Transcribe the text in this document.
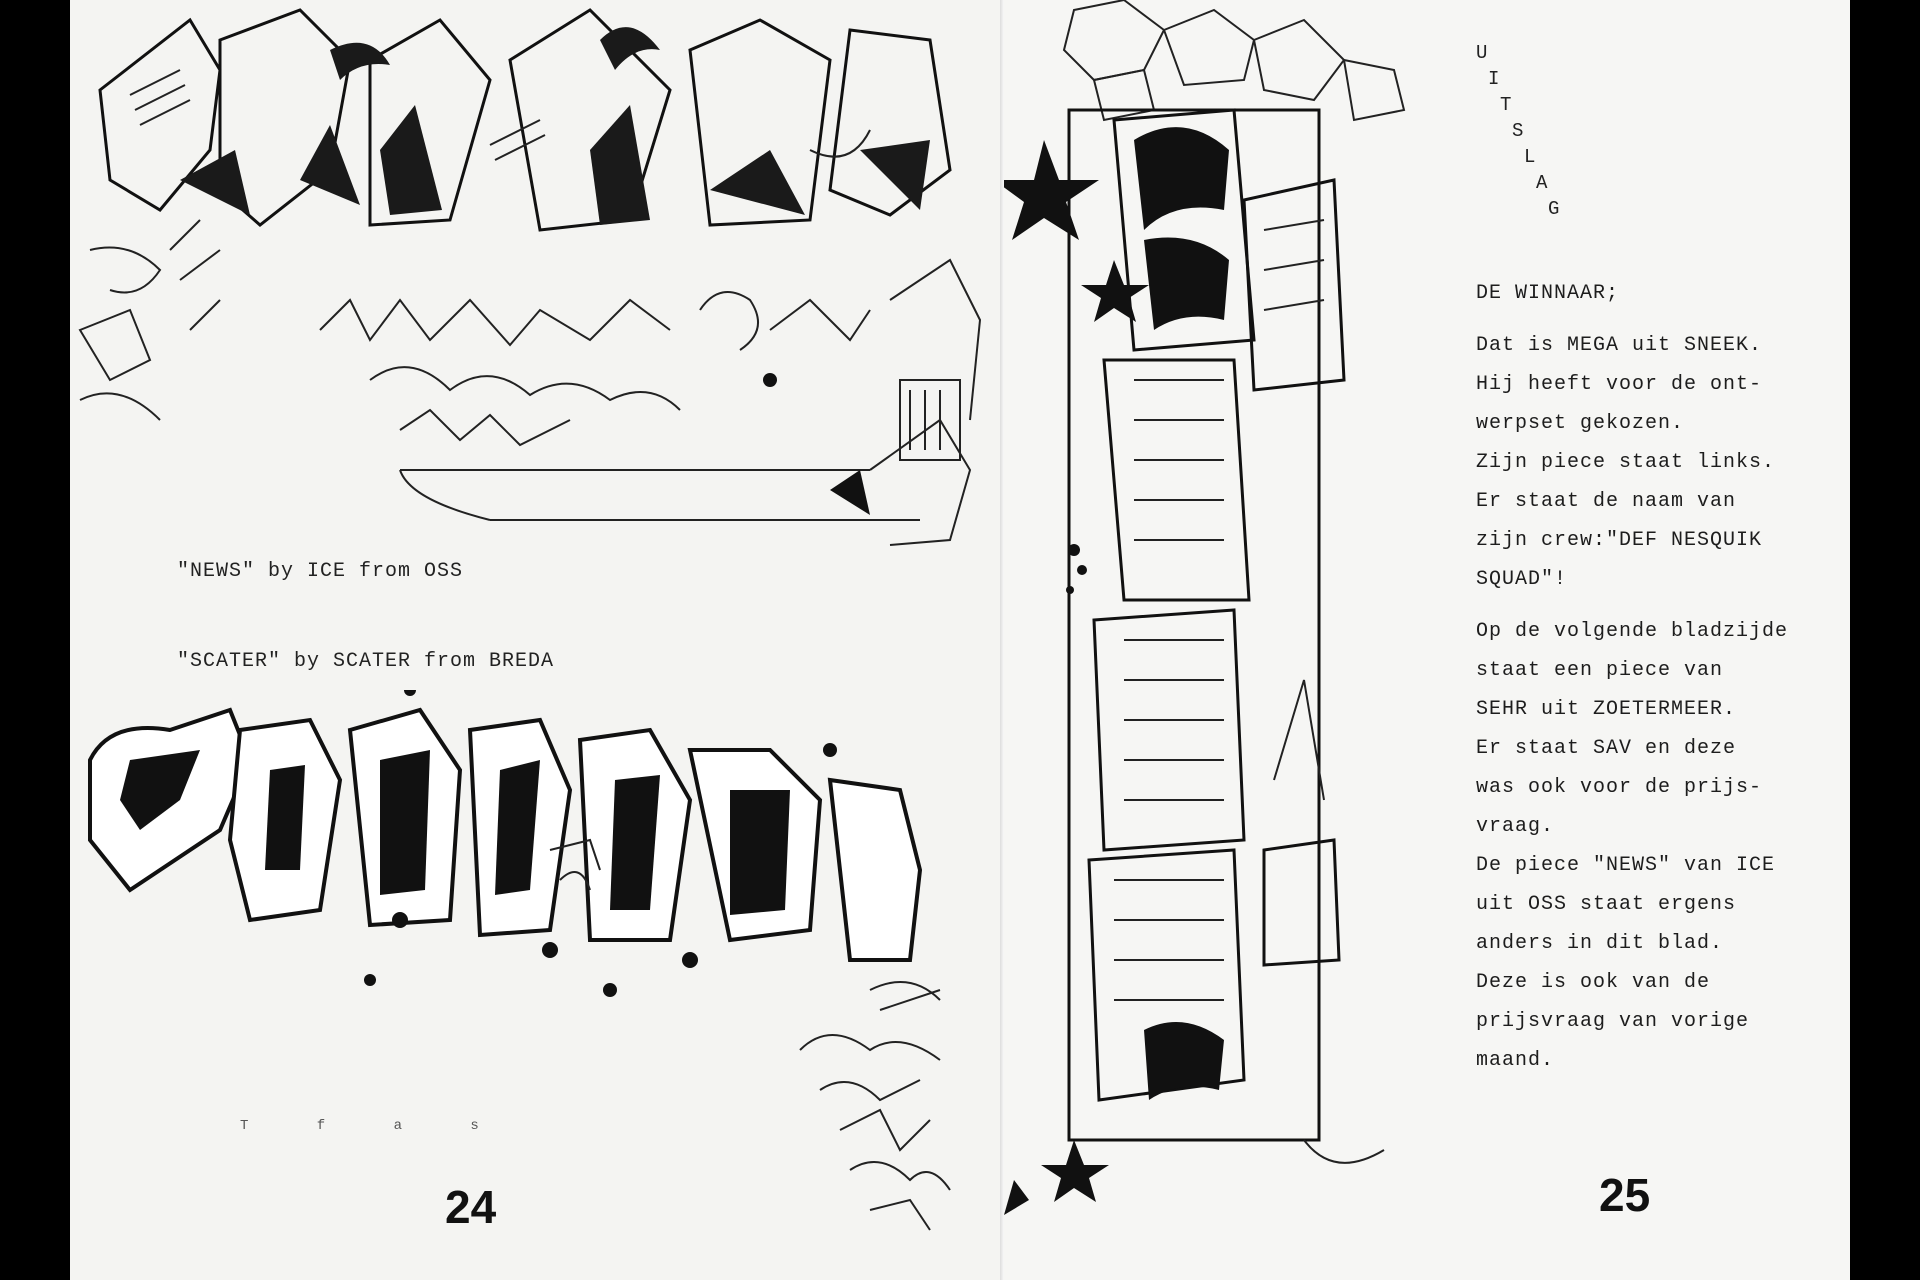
"NEWS" by ICE from OSS
"SCATER" by SCATER from BREDA
T f a s
24
U
I
T
S
L
A
G
DE WINNAAR;
Dat is MEGA uit SNEEK.
Hij heeft voor de ont-
werpset gekozen.
Zijn piece staat links.
Er staat de naam van
zijn crew:"DEF NESQUIK
SQUAD"!
Op de volgende bladzijde
staat een piece van
SEHR uit ZOETERMEER.
Er staat SAV en deze
was ook voor de prijs-
vraag.
De piece "NEWS" van ICE
uit OSS staat ergens
anders in dit blad.
Deze is ook van de
prijsvraag van vorige
maand.
25
